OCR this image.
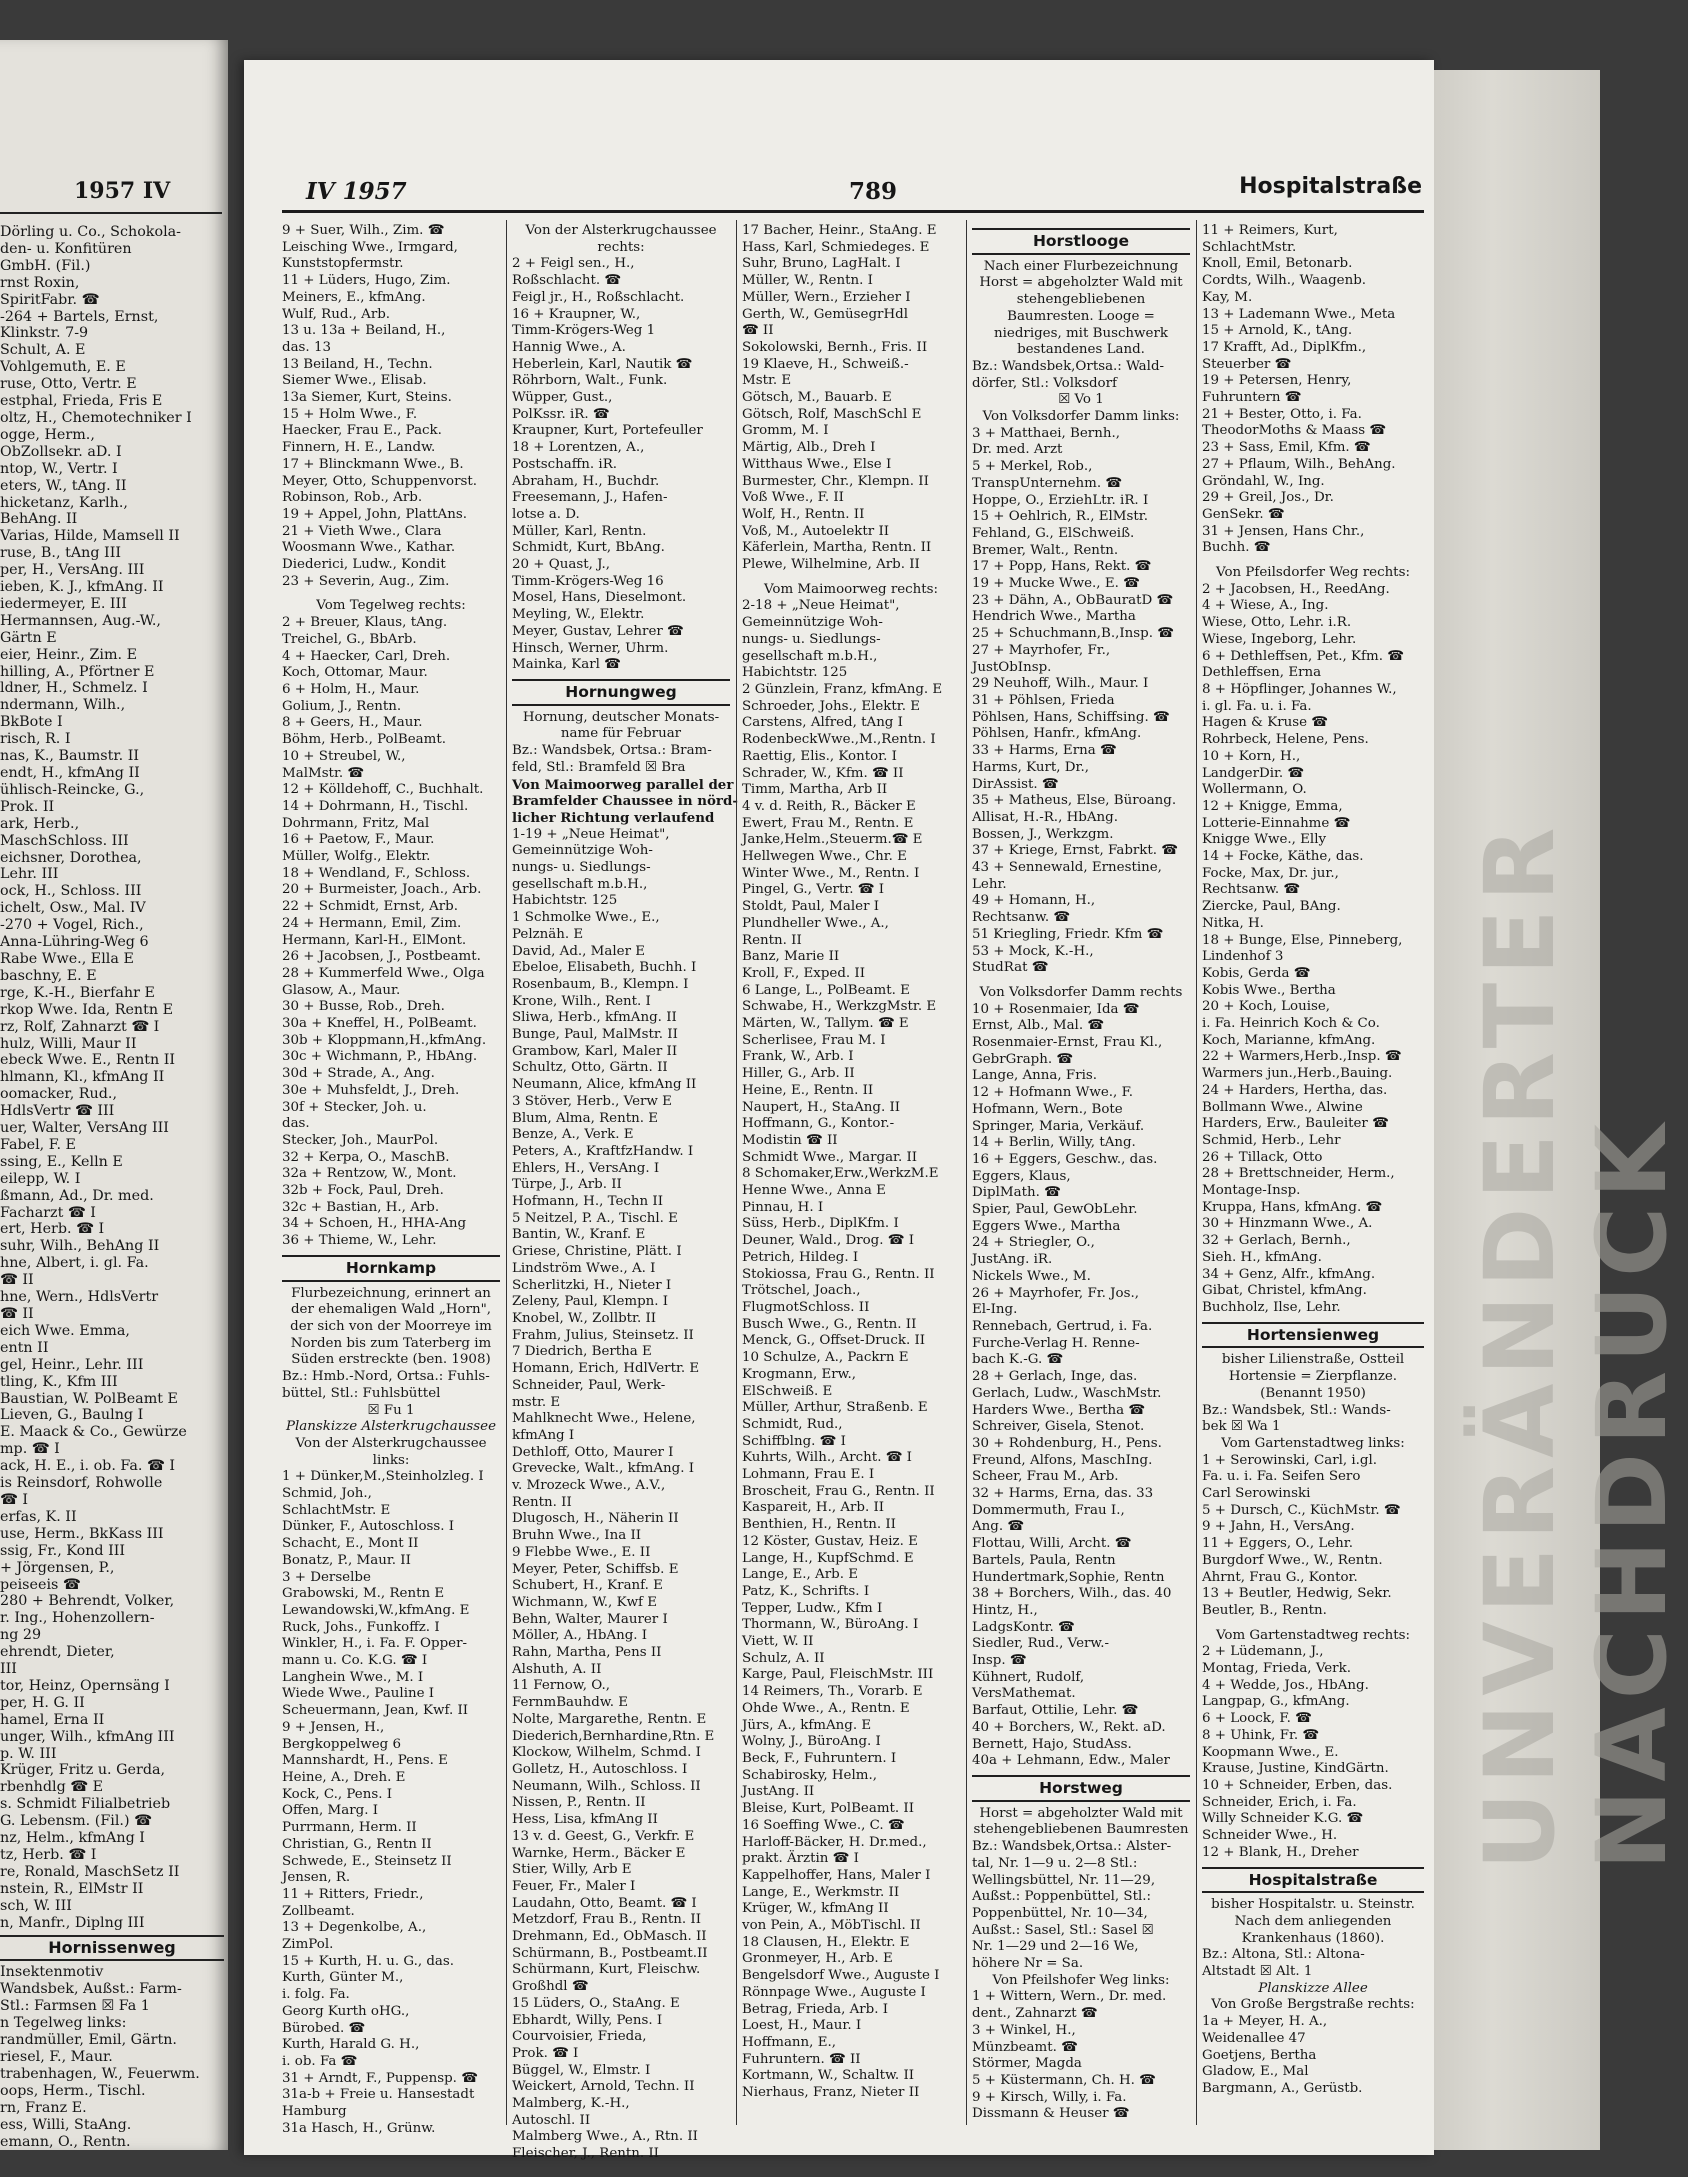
1957 IV
Dörling u. Co., Schokola-
den- u. Konfitüren
GmbH. (Fil.)
rnst Roxin,
SpiritFabr. ☎
-264 + Bartels, Ernst,
Klinkstr. 7-9
Schult, A. E
Vohlgemuth, E. E
ruse, Otto, Vertr. E
estphal, Frieda, Fris E
oltz, H., Chemotechniker I
ogge, Herm.,
ObZollsekr. aD. I
ntop, W., Vertr. I
eters, W., tAng. II
hicketanz, Karlh.,
BehAng. II
Varias, Hilde, Mamsell II
ruse, B., tAng III
per, H., VersAng. III
ieben, K. J., kfmAng. II
iedermeyer, E. III
Hermannsen, Aug.-W.,
Gärtn E
eier, Heinr., Zim. E
hilling, A., Pförtner E
ldner, H., Schmelz. I
ndermann, Wilh.,
BkBote I
risch, R. I
nas, K., Baumstr. II
endt, H., kfmAng II
ühlisch-Reincke, G.,
Prok. II
ark, Herb.,
MaschSchloss. III
eichsner, Dorothea,
Lehr. III
ock, H., Schloss. III
ichelt, Osw., Mal. IV
-270 + Vogel, Rich.,
Anna-Lühring-Weg 6
Rabe Wwe., Ella E
baschny, E. E
rge, K.-H., Bierfahr E
rkop Wwe. Ida, Rentn E
rz, Rolf, Zahnarzt ☎ I
hulz, Willi, Maur II
ebeck Wwe. E., Rentn II
hlmann, Kl., kfmAng II
oomacker, Rud.,
HdlsVertr ☎ III
uer, Walter, VersAng III
Fabel, F. E
ssing, E., Kelln E
eilepp, W. I
ßmann, Ad., Dr. med.
Facharzt ☎ I
ert, Herb. ☎ I
suhr, Wilh., BehAng II
hne, Albert, i. gl. Fa.
☎ II
hne, Wern., HdlsVertr
☎ II
eich Wwe. Emma,
entn II
gel, Heinr., Lehr. III
tling, K., Kfm III
Baustian, W. PolBeamt E
Lieven, G., Baulng I
E. Maack & Co., Gewürze
mp. ☎ I
ack, H. E., i. ob. Fa. ☎ I
is Reinsdorf, Rohwolle
☎ I
erfas, K. II
use, Herm., BkKass III
ssig, Fr., Kond III
+ Jörgensen, P.,
peiseeis ☎
280 + Behrendt, Volker,
r. Ing., Hohenzollern-
ng 29
ehrendt, Dieter,
III
tor, Heinz, Opernsäng I
per, H. G. II
hamel, Erna II
unger, Wilh., kfmAng III
p. W. III
Krüger, Fritz u. Gerda,
rbenhdlg ☎ E
s. Schmidt Filialbetrieb
G. Lebensm. (Fil.) ☎
nz, Helm., kfmAng I
tz, Herb. ☎ I
re, Ronald, MaschSetz II
nstein, R., ElMstr II
sch, W. III
n, Manfr., Diplng III
Hornissenweg
Insektenmotiv
Wandsbek, Außst.: Farm-
Stl.: Farmsen ☒ Fa 1
n Tegelweg links:
randmüller, Emil, Gärtn.
riesel, F., Maur.
trabenhagen, W., Feuerwm.
oops, Herm., Tischl.
rn, Franz E.
ess, Willi, StaAng.
emann, O., Rentn.
IV 1957	789	Hospitalstraße
9 + Suer, Wilh., Zim. ☎
Leisching Wwe., Irmgard,
Kunststopfermstr.
11 + Lüders, Hugo, Zim.
Meiners, E., kfmAng.
Wulf, Rud., Arb.
13 u. 13a + Beiland, H.,
das. 13
13 Beiland, H., Techn.
Siemer Wwe., Elisab.
13a Siemer, Kurt, Steins.
15 + Holm Wwe., F.
Haecker, Frau E., Pack.
Finnern, H. E., Landw.
17 + Blinckmann Wwe., B.
Meyer, Otto, Schuppenvorst.
Robinson, Rob., Arb.
19 + Appel, John, PlattAns.
21 + Vieth Wwe., Clara
Woosmann Wwe., Kathar.
Diederici, Ludw., Kondit
23 + Severin, Aug., Zim.
Vom Tegelweg rechts:
2 + Breuer, Klaus, tAng.
Treichel, G., BbArb.
4 + Haecker, Carl, Dreh.
Koch, Ottomar, Maur.
6 + Holm, H., Maur.
Golium, J., Rentn.
8 + Geers, H., Maur.
Böhm, Herb., PolBeamt.
10 + Streubel, W.,
MalMstr. ☎
12 + Kölldehoff, C., Buchhalt.
14 + Dohrmann, H., Tischl.
Dohrmann, Fritz, Mal
16 + Paetow, F., Maur.
Müller, Wolfg., Elektr.
18 + Wendland, F., Schloss.
20 + Burmeister, Joach., Arb.
22 + Schmidt, Ernst, Arb.
24 + Hermann, Emil, Zim.
Hermann, Karl-H., ElMont.
26 + Jacobsen, J., Postbeamt.
28 + Kummerfeld Wwe., Olga
Glasow, A., Maur.
30 + Busse, Rob., Dreh.
30a + Kneffel, H., PolBeamt.
30b + Kloppmann,H.,kfmAng.
30c + Wichmann, P., HbAng.
30d + Strade, A., Ang.
30e + Muhsfeldt, J., Dreh.
30f + Stecker, Joh. u.
das.
Stecker, Joh., MaurPol.
32 + Kerpa, O., MaschB.
32a + Rentzow, W., Mont.
32b + Fock, Paul, Dreh.
32c + Bastian, H., Arb.
34 + Schoen, H., HHA-Ang
36 + Thieme, W., Lehr.
Hornkamp
Flurbezeichnung, erinnert an der ehemaligen Wald „Horn", der sich von der Moorreye im Norden bis zum Taterberg im Süden erstreckte (ben. 1908)
Bz.: Hmb.-Nord, Ortsa.: Fuhls-
büttel, Stl.: Fuhlsbüttel
☒ Fu 1
Planskizze Alsterkrugchaussee
Von der Alsterkrugchaussee
links:
1 + Dünker,M.,Steinholzleg. I
Schmid, Joh.,
SchlachtMstr. E
Dünker, F., Autoschloss. I
Schacht, E., Mont II
Bonatz, P., Maur. II
3 + Derselbe
Grabowski, M., Rentn E
Lewandowski,W.,kfmAng. E
Ruck, Johs., Funkoffz. I
Winkler, H., i. Fa. F. Opper-
mann u. Co. K.G. ☎ I
Langhein Wwe., M. I
Wiede Wwe., Pauline I
Scheuermann, Jean, Kwf. II
9 + Jensen, H.,
Bergkoppelweg 6
Mannshardt, H., Pens. E
Heine, A., Dreh. E
Kock, C., Pens. I
Offen, Marg. I
Purrmann, Herm. II
Christian, G., Rentn II
Schwede, E., Steinsetz II
Jensen, R.
11 + Ritters, Friedr.,
Zollbeamt.
13 + Degenkolbe, A.,
ZimPol.
15 + Kurth, H. u. G., das.
Kurth, Günter M.,
i. folg. Fa.
Georg Kurth oHG.,
Bürobed. ☎
Kurth, Harald G. H.,
i. ob. Fa ☎
31 + Arndt, F., Puppensp. ☎
31a-b + Freie u. Hansestadt
Hamburg
31a Hasch, H., Grünw.
Von der Alsterkrugchaussee
rechts:
2 + Feigl sen., H.,
Roßschlacht. ☎
Feigl jr., H., Roßschlacht.
16 + Kraupner, W.,
Timm-Krögers-Weg 1
Hannig Wwe., A.
Heberlein, Karl, Nautik ☎
Röhrborn, Walt., Funk.
Wüpper, Gust.,
PolKssr. iR. ☎
Kraupner, Kurt, Portefeuller
18 + Lorentzen, A.,
Postschaffn. iR.
Abraham, H., Buchdr.
Freesemann, J., Hafen-
lotse a. D.
Müller, Karl, Rentn.
Schmidt, Kurt, BbAng.
20 + Quast, J.,
Timm-Krögers-Weg 16
Mosel, Hans, Dieselmont.
Meyling, W., Elektr.
Meyer, Gustav, Lehrer ☎
Hinsch, Werner, Uhrm.
Mainka, Karl ☎
Hornungweg
Hornung, deutscher Monats-
name für Februar
Bz.: Wandsbek, Ortsa.: Bram-
feld, Stl.: Bramfeld ☒ Bra
Von Maimoorweg parallel der
Bramfelder Chaussee in nörd-
licher Richtung verlaufend
1-19 + „Neue Heimat",
Gemeinnützige Woh-
nungs- u. Siedlungs-
gesellschaft m.b.H.,
Habichtstr. 125
1 Schmolke Wwe., E.,
Pelznäh. E
David, Ad., Maler E
Ebeloe, Elisabeth, Buchh. I
Rosenbaum, B., Klempn. I
Krone, Wilh., Rent. I
Sliwa, Herb., kfmAng. II
Bunge, Paul, MalMstr. II
Grambow, Karl, Maler II
Schultz, Otto, Gärtn. II
Neumann, Alice, kfmAng II
3 Stöver, Herb., Verw E
Blum, Alma, Rentn. E
Benze, A., Verk. E
Peters, A., KraftfzHandw. I
Ehlers, H., VersAng. I
Türpe, J., Arb. II
Hofmann, H., Techn II
5 Neitzel, P. A., Tischl. E
Bantin, W., Kranf. E
Griese, Christine, Plätt. I
Lindström Wwe., A. I
Scherlitzki, H., Nieter I
Zeleny, Paul, Klempn. I
Knobel, W., Zollbtr. II
Frahm, Julius, Steinsetz. II
7 Diedrich, Bertha E
Homann, Erich, HdlVertr. E
Schneider, Paul, Werk-
mstr. E
Mahlknecht Wwe., Helene,
kfmAng I
Dethloff, Otto, Maurer I
Grevecke, Walt., kfmAng. I
v. Mrozeck Wwe., A.V.,
Rentn. II
Dlugosch, H., Näherin II
Bruhn Wwe., Ina II
9 Flebbe Wwe., E. II
Meyer, Peter, Schiffsb. E
Schubert, H., Kranf. E
Wichmann, W., Kwf E
Behn, Walter, Maurer I
Möller, A., HbAng. I
Rahn, Martha, Pens II
Alshuth, A. II
11 Fernow, O.,
FernmBauhdw. E
Nolte, Margarethe, Rentn. E
Diederich,Bernhardine,Rtn. E
Klockow, Wilhelm, Schmd. I
Golletz, H., Autoschloss. I
Neumann, Wilh., Schloss. II
Nissen, P., Rentn. II
Hess, Lisa, kfmAng II
13 v. d. Geest, G., Verkfr. E
Warnke, Herm., Bäcker E
Stier, Willy, Arb E
Feuer, Fr., Maler I
Laudahn, Otto, Beamt. ☎ I
Metzdorf, Frau B., Rentn. II
Drehmann, Ed., ObMasch. II
Schürmann, B., Postbeamt.II
Schürmann, Kurt, Fleischw.
Großhdl ☎
15 Lüders, O., StaAng. E
Ebhardt, Willy, Pens. I
Courvoisier, Frieda,
Prok. ☎ I
Büggel, W., Elmstr. I
Weickert, Arnold, Techn. II
Malmberg, K.-H.,
Autoschl. II
Malmberg Wwe., A., Rtn. II
Fleischer, J., Rentn. II
17 Bacher, Heinr., StaAng. E
Hass, Karl, Schmiedeges. E
Suhr, Bruno, LagHalt. I
Müller, W., Rentn. I
Müller, Wern., Erzieher I
Gerth, W., GemüsegrHdl
☎ II
Sokolowski, Bernh., Fris. II
19 Klaeve, H., Schweiß.-
Mstr. E
Götsch, M., Bauarb. E
Götsch, Rolf, MaschSchl E
Gromm, M. I
Märtig, Alb., Dreh I
Witthaus Wwe., Else I
Burmester, Chr., Klempn. II
Voß Wwe., F. II
Wolf, H., Rentn. II
Voß, M., Autoelektr II
Käferlein, Martha, Rentn. II
Plewe, Wilhelmine, Arb. II
Vom Maimoorweg rechts:
2-18 + „Neue Heimat",
Gemeinnützige Woh-
nungs- u. Siedlungs-
gesellschaft m.b.H.,
Habichtstr. 125
2 Günzlein, Franz, kfmAng. E
Schroeder, Johs., Elektr. E
Carstens, Alfred, tAng I
RodenbeckWwe.,M.,Rentn. I
Raettig, Elis., Kontor. I
Schrader, W., Kfm. ☎ II
Timm, Martha, Arb II
4 v. d. Reith, R., Bäcker E
Ewert, Frau M., Rentn. E
Janke,Helm.,Steuerm.☎ E
Hellwegen Wwe., Chr. E
Winter Wwe., M., Rentn. I
Pingel, G., Vertr. ☎ I
Stoldt, Paul, Maler I
Plundheller Wwe., A.,
Rentn. II
Banz, Marie II
Kroll, F., Exped. II
6 Lange, L., PolBeamt. E
Schwabe, H., WerkzgMstr. E
Märten, W., Tallym. ☎ E
Scherlisee, Frau M. I
Frank, W., Arb. I
Hiller, G., Arb. II
Heine, E., Rentn. II
Naupert, H., StaAng. II
Hoffmann, G., Kontor.-
Modistin ☎ II
Schmidt Wwe., Margar. II
8 Schomaker,Erw.,WerkzM.E
Henne Wwe., Anna E
Pinnau, H. I
Süss, Herb., DiplKfm. I
Deuner, Wald., Drog. ☎ I
Petrich, Hildeg. I
Stokiossa, Frau G., Rentn. II
Trötschel, Joach.,
FlugmotSchloss. II
Busch Wwe., G., Rentn. II
Menck, G., Offset-Druck. II
10 Schulze, A., Packrn E
Krogmann, Erw.,
ElSchweiß. E
Müller, Arthur, Straßenb. E
Schmidt, Rud.,
Schiffblng. ☎ I
Kuhrts, Wilh., Archt. ☎ I
Lohmann, Frau E. I
Broscheit, Frau G., Rentn. II
Kaspareit, H., Arb. II
Benthien, H., Rentn. II
12 Köster, Gustav, Heiz. E
Lange, H., KupfSchmd. E
Lange, E., Arb. E
Patz, K., Schrifts. I
Tepper, Ludw., Kfm I
Thormann, W., BüroAng. I
Viett, W. II
Schulz, A. II
Karge, Paul, FleischMstr. III
14 Reimers, Th., Vorarb. E
Ohde Wwe., A., Rentn. E
Jürs, A., kfmAng. E
Wolny, J., BüroAng. I
Beck, F., Fuhruntern. I
Schabirosky, Helm.,
JustAng. II
Bleise, Kurt, PolBeamt. II
16 Soeffing Wwe., C. ☎
Harloff-Bäcker, H. Dr.med.,
prakt. Ärztin ☎ I
Kappelhoffer, Hans, Maler I
Lange, E., Werkmstr. II
Krüger, W., kfmAng II
von Pein, A., MöbTischl. II
18 Clausen, H., Elektr. E
Gronmeyer, H., Arb. E
Bengelsdorf Wwe., Auguste I
Rönnpage Wwe., Auguste I
Betrag, Frieda, Arb. I
Loest, H., Maur. I
Hoffmann, E.,
Fuhruntern. ☎ II
Kortmann, W., Schaltw. II
Nierhaus, Franz, Nieter II
Horstlooge
Nach einer Flurbezeichnung Horst = abgeholzter Wald mit stehengebliebenen Baumresten. Looge = niedriges, mit Buschwerk bestandenes Land.
Bz.: Wandsbek,Ortsa.: Wald-
dörfer, Stl.: Volksdorf
☒ Vo 1
Von Volksdorfer Damm links:
3 + Matthaei, Bernh.,
Dr. med. Arzt
5 + Merkel, Rob.,
TranspUnternehm. ☎
Hoppe, O., ErziehLtr. iR. I
15 + Oehlrich, R., ElMstr.
Fehland, G., ElSchweiß.
Bremer, Walt., Rentn.
17 + Popp, Hans, Rekt. ☎
19 + Mucke Wwe., E. ☎
23 + Dähn, A., ObBauratD ☎
Hendrich Wwe., Martha
25 + Schuchmann,B.,Insp. ☎
27 + Mayrhofer, Fr.,
JustObInsp.
29 Neuhoff, Wilh., Maur. I
31 + Pöhlsen, Frieda
Pöhlsen, Hans, Schiffsing. ☎
Pöhlsen, Hanfr., kfmAng.
33 + Harms, Erna ☎
Harms, Kurt, Dr.,
DirAssist. ☎
35 + Matheus, Else, Büroang.
Allisat, H.-R., HbAng.
Bossen, J., Werkzgm.
37 + Kriege, Ernst, Fabrkt. ☎
43 + Sennewald, Ernestine,
Lehr.
49 + Homann, H.,
Rechtsanw. ☎
51 Kriegling, Friedr. Kfm ☎
53 + Mock, K.-H.,
StudRat ☎
Von Volksdorfer Damm rechts
10 + Rosenmaier, Ida ☎
Ernst, Alb., Mal. ☎
Rosenmaier-Ernst, Frau Kl.,
GebrGraph. ☎
Lange, Anna, Fris.
12 + Hofmann Wwe., F.
Hofmann, Wern., Bote
Springer, Maria, Verkäuf.
14 + Berlin, Willy, tAng.
16 + Eggers, Geschw., das.
Eggers, Klaus,
DiplMath. ☎
Spier, Paul, GewObLehr.
Eggers Wwe., Martha
24 + Striegler, O.,
JustAng. iR.
Nickels Wwe., M.
26 + Mayrhofer, Fr. Jos.,
El-Ing.
Rennebach, Gertrud, i. Fa.
Furche-Verlag H. Renne-
bach K.-G. ☎
28 + Gerlach, Inge, das.
Gerlach, Ludw., WaschMstr.
Harders Wwe., Bertha ☎
Schreiver, Gisela, Stenot.
30 + Rohdenburg, H., Pens.
Freund, Alfons, MaschIng.
Scheer, Frau M., Arb.
32 + Harms, Erna, das. 33
Dommermuth, Frau I.,
Ang. ☎
Flottau, Willi, Archt. ☎
Bartels, Paula, Rentn
Hundertmark,Sophie, Rentn
38 + Borchers, Wilh., das. 40
Hintz, H.,
LadgsKontr. ☎
Siedler, Rud., Verw.-
Insp. ☎
Kühnert, Rudolf,
VersMathemat.
Barfaut, Ottilie, Lehr. ☎
40 + Borchers, W., Rekt. aD.
Bernett, Hajo, StudAss.
40a + Lehmann, Edw., Maler
Horstweg
Horst = abgeholzter Wald mit stehengebliebenen Baumresten
Bz.: Wandsbek,Ortsa.: Alster-
tal, Nr. 1—9 u. 2—8 Stl.:
Wellingsbüttel, Nr. 11—29,
Außst.: Poppenbüttel, Stl.:
Poppenbüttel, Nr. 10—34,
Außst.: Sasel, Stl.: Sasel ☒
Nr. 1—29 und 2—16 We,
höhere Nr = Sa.
Von Pfeilshofer Weg links:
1 + Wittern, Wern., Dr. med.
dent., Zahnarzt ☎
3 + Winkel, H.,
Münzbeamt. ☎
Störmer, Magda
5 + Küstermann, Ch. H. ☎
9 + Kirsch, Willy, i. Fa.
Dissmann & Heuser ☎
11 + Reimers, Kurt,
SchlachtMstr.
Knoll, Emil, Betonarb.
Cordts, Wilh., Waagenb.
Kay, M.
13 + Lademann Wwe., Meta
15 + Arnold, K., tAng.
17 Krafft, Ad., DiplKfm.,
Steuerber ☎
19 + Petersen, Henry,
Fuhruntern ☎
21 + Bester, Otto, i. Fa.
TheodorMoths & Maass ☎
23 + Sass, Emil, Kfm. ☎
27 + Pflaum, Wilh., BehAng.
Gröndahl, W., Ing.
29 + Greil, Jos., Dr.
GenSekr. ☎
31 + Jensen, Hans Chr.,
Buchh. ☎
Von Pfeilsdorfer Weg rechts:
2 + Jacobsen, H., ReedAng.
4 + Wiese, A., Ing.
Wiese, Otto, Lehr. i.R.
Wiese, Ingeborg, Lehr.
6 + Dethleffsen, Pet., Kfm. ☎
Dethleffsen, Erna
8 + Höpflinger, Johannes W.,
i. gl. Fa. u. i. Fa.
Hagen & Kruse ☎
Rohrbeck, Helene, Pens.
10 + Korn, H.,
LandgerDir. ☎
Wollermann, O.
12 + Knigge, Emma,
Lotterie-Einnahme ☎
Knigge Wwe., Elly
14 + Focke, Käthe, das.
Focke, Max, Dr. jur.,
Rechtsanw. ☎
Ziercke, Paul, BAng.
Nitka, H.
18 + Bunge, Else, Pinneberg,
Lindenhof 3
Kobis, Gerda ☎
Kobis Wwe., Bertha
20 + Koch, Louise,
i. Fa. Heinrich Koch & Co.
Koch, Marianne, kfmAng.
22 + Warmers,Herb.,Insp. ☎
Warmers jun.,Herb.,Bauing.
24 + Harders, Hertha, das.
Bollmann Wwe., Alwine
Harders, Erw., Bauleiter ☎
Schmid, Herb., Lehr
26 + Tillack, Otto
28 + Brettschneider, Herm.,
Montage-Insp.
Kruppa, Hans, kfmAng. ☎
30 + Hinzmann Wwe., A.
32 + Gerlach, Bernh.,
Sieh. H., kfmAng.
34 + Genz, Alfr., kfmAng.
Gibat, Christel, kfmAng.
Buchholz, Ilse, Lehr.
Hortensienweg
bisher Lilienstraße, Ostteil
Hortensie = Zierpflanze.
(Benannt 1950)
Bz.: Wandsbek, Stl.: Wands-
bek ☒ Wa 1
Vom Gartenstadtweg links:
1 + Serowinski, Carl, i.gl.
Fa. u. i. Fa. Seifen Sero
Carl Serowinski
5 + Dursch, C., KüchMstr. ☎
9 + Jahn, H., VersAng.
11 + Eggers, O., Lehr.
Burgdorf Wwe., W., Rentn.
Ahrnt, Frau G., Kontor.
13 + Beutler, Hedwig, Sekr.
Beutler, B., Rentn.
Vom Gartenstadtweg rechts:
2 + Lüdemann, J.,
Montag, Frieda, Verk.
4 + Wedde, Jos., HbAng.
Langpap, G., kfmAng.
6 + Loock, F. ☎
8 + Uhink, Fr. ☎
Koopmann Wwe., E.
Krause, Justine, KindGärtn.
10 + Schneider, Erben, das.
Schneider, Erich, i. Fa.
Willy Schneider K.G. ☎
Schneider Wwe., H.
12 + Blank, H., Dreher
Hospitalstraße
bisher Hospitalstr. u. Steinstr.
Nach dem anliegenden
Krankenhaus (1860).
Bz.: Altona, Stl.: Altona-
Altstadt ☒ Alt. 1
Planskizze Allee
Von Große Bergstraße rechts:
1a + Meyer, H. A.,
Weidenallee 47
Goetjens, Bertha
Gladow, E., Mal
Bargmann, A., Gerüstb.
UNVERÄNDERTER NACHDRUCK
